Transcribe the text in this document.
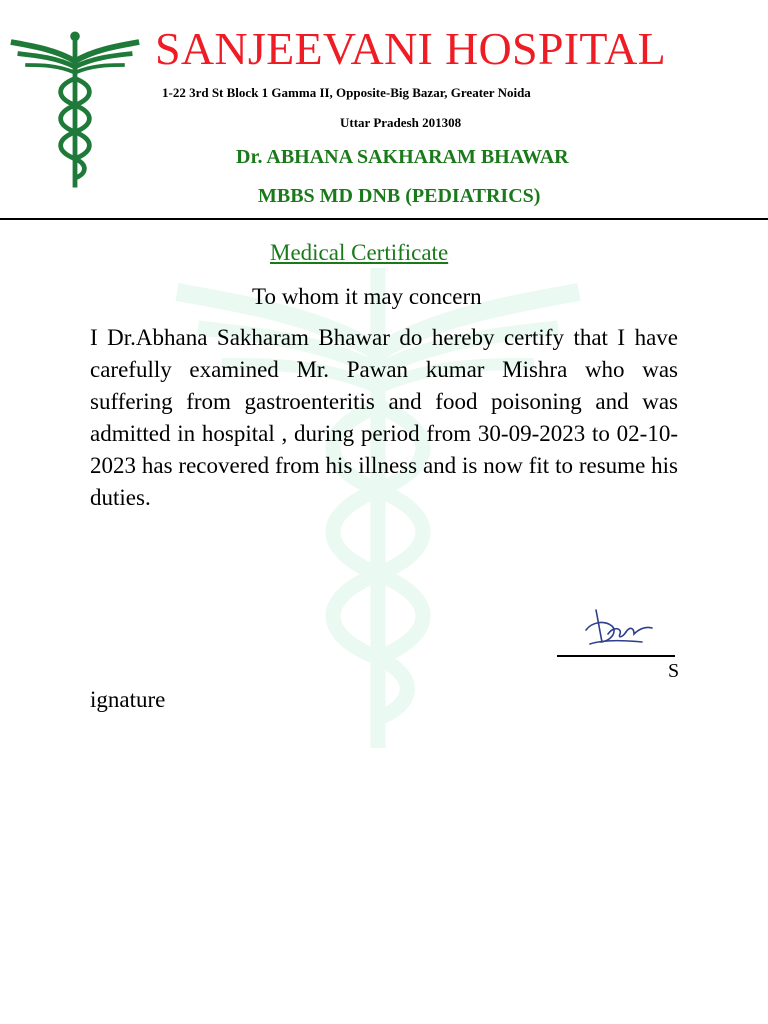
SANJEEVANI HOSPITAL
1-22 3rd St Block 1 Gamma II, Opposite-Big Bazar, Greater Noida
Uttar Pradesh 201308
Dr. ABHANA SAKHARAM BHAWAR
MBBS MD DNB (PEDIATRICS)
Medical Certificate
To whom it may concern

I Dr.Abhana Sakharam Bhawar do hereby certify that I have carefully examined Mr. Pawan kumar Mishra who was suffering from gastroenteritis and food poisoning and was admitted in hospital , during period from 30-09-2023 to 02-10-2023 has recovered from his illness and is now fit to resume his duties.

S
ignature
